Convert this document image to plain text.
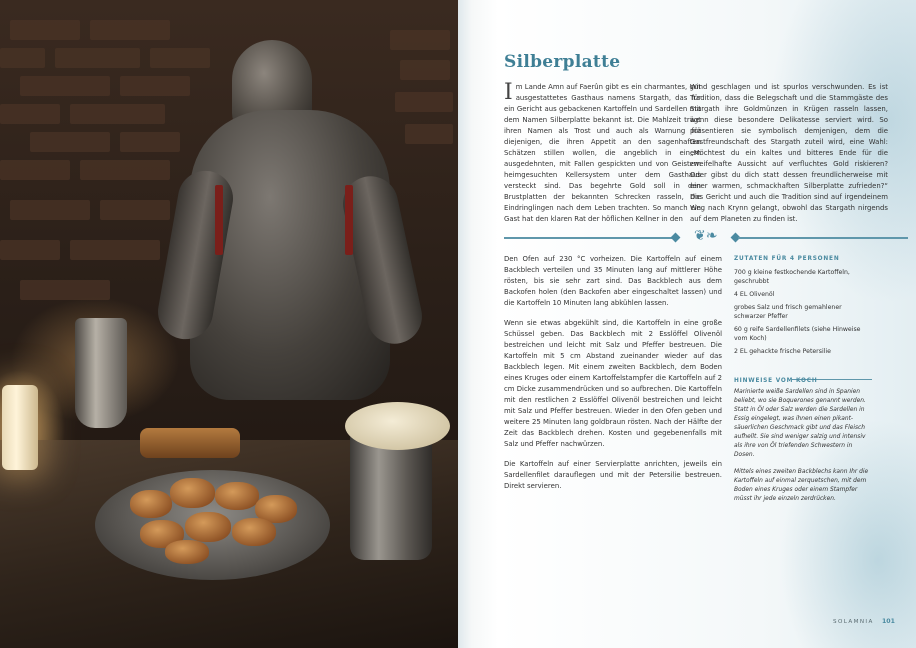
Silberplatte
Im Lande Amn auf Faerûn gibt es ein charmantes, gut ausgestattetes Gasthaus namens Stargath, das für ein Gericht aus gebackenen Kartoffeln und Sardellen mit dem Namen Silberplatte bekannt ist. Die Mahlzeit trägt ihren Namen als Trost und auch als Warnung für diejenigen, die ihren Appetit an den sagenhaften Schätzen stillen wollen, die angeblich in einem ausgedehnten, mit Fallen gespickten und von Geistern heimgesuchten Kellersystem unter dem Gasthaus versteckt sind. Das begehrte Gold soll in den Brustplatten der bekannten Schrecken rasseln, die Eindringlingen nach dem Leben trachten. So manch ein Gast hat den klaren Rat der höflichen Kellner in den
Wind geschlagen und ist spurlos verschwunden. Es ist Tradition, dass die Belegschaft und die Stammgäste des Stargath ihre Goldmünzen in Krügen rasseln lassen, wenn diese besondere Delikatesse serviert wird. So präsentieren sie symbolisch demjenigen, dem die Gastfreundschaft des Stargath zuteil wird, eine Wahl: „Möchtest du ein kaltes und bitteres Ende für die zweifelhafte Aussicht auf verfluchtes Gold riskieren? Oder gibst du dich statt dessen freundlicherweise mit einer warmen, schmackhaften Silberplatte zufrieden?“ Das Gericht und auch die Tradition sind auf irgendeinem Weg nach Krynn gelangt, obwohl das Stargath nirgends auf dem Planeten zu finden ist.
❦❧

Den Ofen auf 230 °C vorheizen. Die Kartoffeln auf einem Backblech verteilen und 35 Minuten lang auf mittlerer Höhe rösten, bis sie sehr zart sind. Das Backblech aus dem Backofen holen (den Backofen aber eingeschaltet lassen) und die Kartoffeln 10 Minuten lang abkühlen lassen.

Wenn sie etwas abgekühlt sind, die Kartoffeln in eine große Schüssel geben. Das Backblech mit 2 Esslöffel Olivenöl bestreichen und leicht mit Salz und Pfeffer bestreuen. Die Kartoffeln mit 5 cm Abstand zueinander wieder auf das Backblech legen. Mit einem zweiten Backblech, dem Boden eines Kruges oder einem Kartoffelstampfer die Kartoffeln auf 2 cm Dicke zusammendrücken und so aufbrechen. Die Kartoffeln mit den restlichen 2 Esslöffel Olivenöl bestreichen und leicht mit Salz und Pfeffer bestreuen. Wieder in den Ofen geben und weitere 25 Minuten lang goldbraun rösten. Nach der Hälfte der Zeit das Backblech drehen. Kosten und gegebenenfalls mit Salz und Pfeffer nachwürzen.

Die Kartoffeln auf einer Servierplatte anrichten, jeweils ein Sardellenfilet darauflegen und mit der Petersilie bestreuen. Direkt servieren.

ZUTATEN FÜR 4 PERSONEN
700 g kleine festkochende Kartoffeln, geschrubbt
4 EL Olivenöl
grobes Salz und frisch gemahlener schwarzer Pfeffer
60 g reife Sardellenfilets (siehe Hinweise vom Koch)
2 EL gehackte frische Petersilie
HINWEISE VOM KOCH

Marinierte weiße Sardellen sind in Spanien beliebt, wo sie Boquerones genannt werden. Statt in Öl oder Salz werden die Sardellen in Essig eingelegt, was ihnen einen pikant-säuerlichen Geschmack gibt und das Fleisch aufhellt. Sie sind weniger salzig und intensiv als ihre von Öl triefenden Schwestern in Dosen.

Mittels eines zweiten Backblechs kann Ihr die Kartoffeln auf einmal zerquetschen, mit dem Boden eines Kruges oder einem Stampfer müsst ihr jede einzeln zerdrücken.

SOLAMNIA 101
